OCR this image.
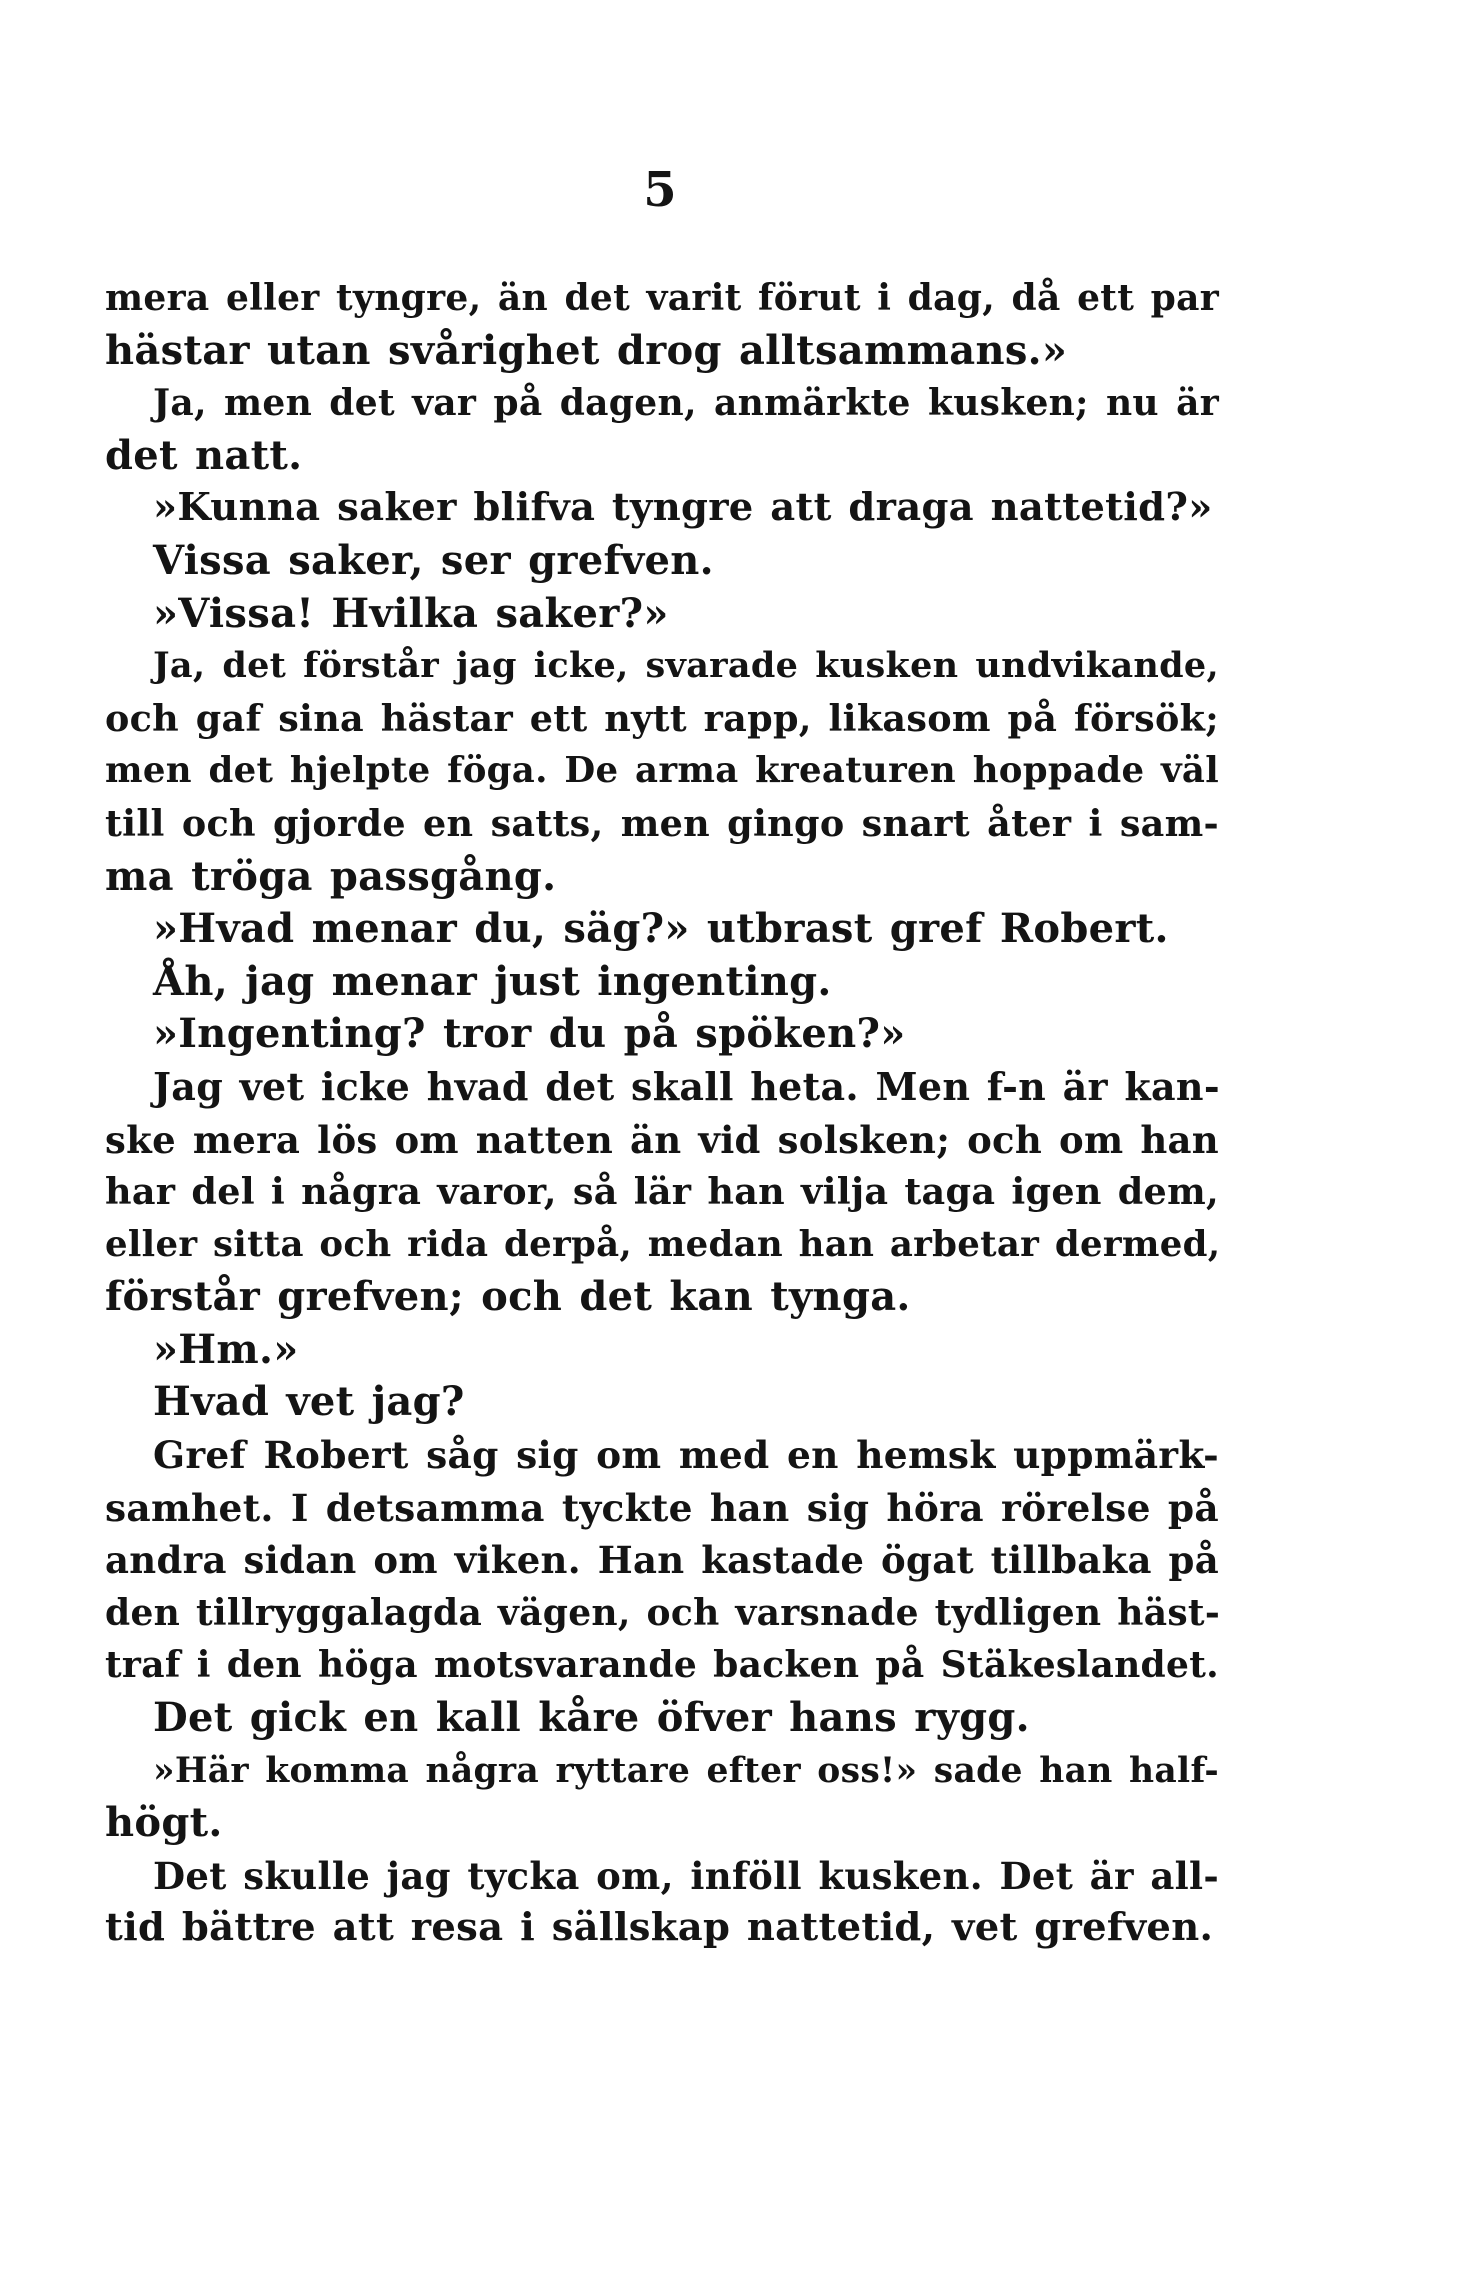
5
mera eller tyngre, än det varit förut i dag, då ett par
hästar utan svårighet drog alltsammans.»
Ja, men det var på dagen, anmärkte kusken; nu är
det natt.
»Kunna saker blifva tyngre att draga nattetid?»
Vissa saker, ser grefven.
»Vissa! Hvilka saker?»
Ja, det förstår jag icke, svarade kusken undvikande,
och gaf sina hästar ett nytt rapp, likasom på försök;
men det hjelpte föga. De arma kreaturen hoppade väl
till och gjorde en satts, men gingo snart åter i sam-
ma tröga passgång.
»Hvad menar du, säg?» utbrast gref Robert.
Åh, jag menar just ingenting.
»Ingenting? tror du på spöken?»
Jag vet icke hvad det skall heta. Men f-n är kan-
ske mera lös om natten än vid solsken; och om han
har del i några varor, så lär han vilja taga igen dem,
eller sitta och rida derpå, medan han arbetar dermed,
förstår grefven; och det kan tynga.
»Hm.»
Hvad vet jag?
Gref Robert såg sig om med en hemsk uppmärk-
samhet. I detsamma tyckte han sig höra rörelse på
andra sidan om viken. Han kastade ögat tillbaka på
den tillryggalagda vägen, och varsnade tydligen häst-
traf i den höga motsvarande backen på Stäkeslandet.
Det gick en kall kåre öfver hans rygg.
»Här komma några ryttare efter oss!» sade han half-
högt.
Det skulle jag tycka om, inföll kusken. Det är all-
tid bättre att resa i sällskap nattetid, vet grefven.
